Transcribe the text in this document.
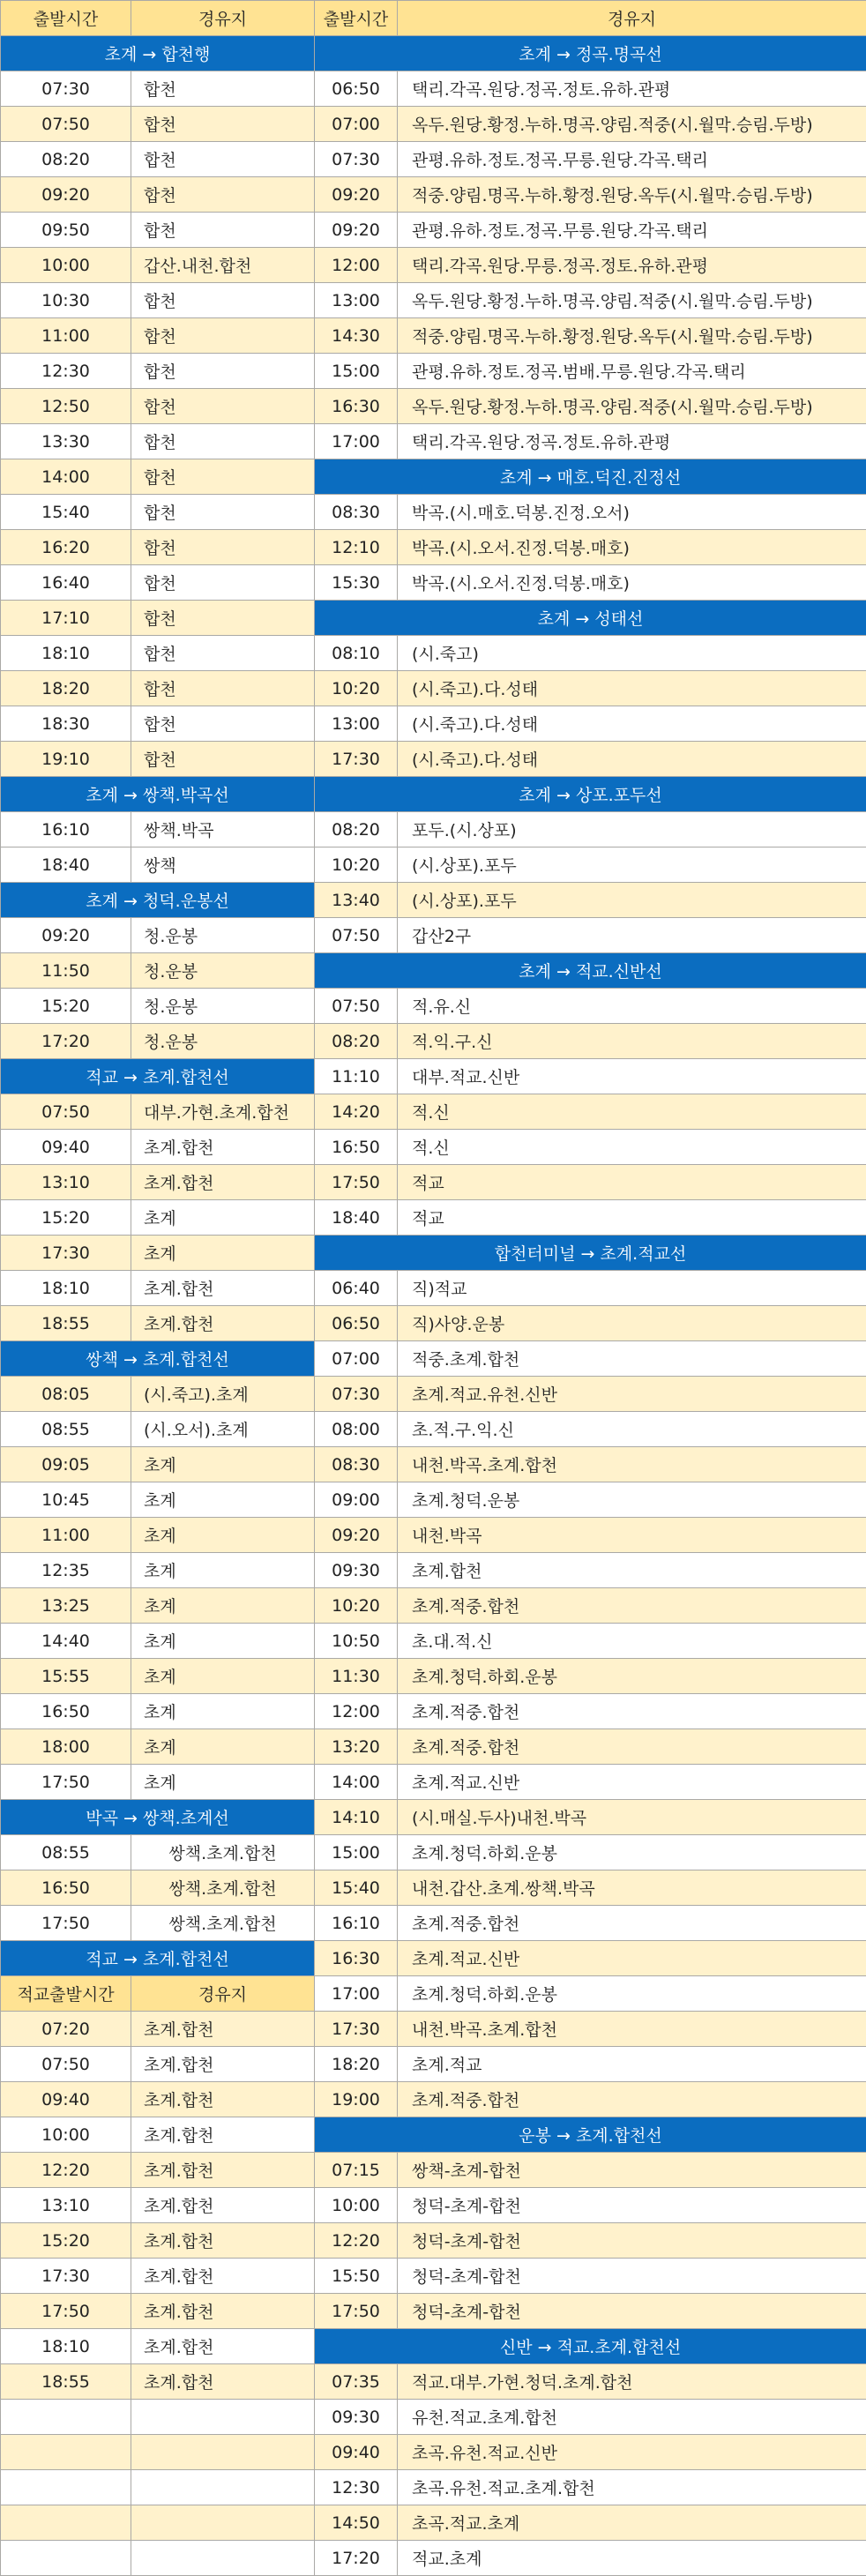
출발시간	경유지	출발시간	경유지
초계 → 합천행		초계 → 정곡.명곡선	
07:30	합천	06:50	택리.각곡.원당.정곡.정토.유하.관평
07:50	합천	07:00	옥두.원당.황정.누하.명곡.양림.적중(시.월막.승림.두방)
08:20	합천	07:30	관평.유하.정토.정곡.무릉.원당.각곡.택리
09:20	합천	09:20	적중.양림.명곡.누하.황정.원당.옥두(시.월막.승림.두방)
09:50	합천	09:20	관평.유하.정토.정곡.무릉.원당.각곡.택리
10:00	갑산.내천.합천	12:00	택리.각곡.원당.무릉.정곡.정토.유하.관평
10:30	합천	13:00	옥두.원당.황정.누하.명곡.양림.적중(시.월막.승림.두방)
11:00	합천	14:30	적중.양림.명곡.누하.황정.원당.옥두(시.월막.승림.두방)
12:30	합천	15:00	관평.유하.정토.정곡.범배.무릉.원당.각곡.택리
12:50	합천	16:30	옥두.원당.황정.누하.명곡.양림.적중(시.월막.승림.두방)
13:30	합천	17:00	택리.각곡.원당.정곡.정토.유하.관평
14:00	합천	초계 → 매호.덕진.진정선	
15:40	합천	08:30	박곡.(시.매호.덕봉.진정.오서)
16:20	합천	12:10	박곡.(시.오서.진정.덕봉.매호)
16:40	합천	15:30	박곡.(시.오서.진정.덕봉.매호)
17:10	합천	초계 → 성태선	
18:10	합천	08:10	(시.죽고)
18:20	합천	10:20	(시.죽고).다.성태
18:30	합천	13:00	(시.죽고).다.성태
19:10	합천	17:30	(시.죽고).다.성태
초계 → 쌍책.박곡선		초계 → 상포.포두선	
16:10	쌍책.박곡	08:20	포두.(시.상포)
18:40	쌍책	10:20	(시.상포).포두
초계 → 청덕.운봉선		13:40	(시.상포).포두
09:20	청.운봉	07:50	갑산2구
11:50	청.운봉	초계 → 적교.신반선	
15:20	청.운봉	07:50	적.유.신
17:20	청.운봉	08:20	적.익.구.신
적교 → 초계.합천선		11:10	대부.적교.신반
07:50	대부.가현.초계.합천	14:20	적.신
09:40	초계.합천	16:50	적.신
13:10	초계.합천	17:50	적교
15:20	초계	18:40	적교
17:30	초계	합천터미널 → 초계.적교선	
18:10	초계.합천	06:40	직)적교
18:55	초계.합천	06:50	직)사양.운봉
쌍책 → 초계.합천선		07:00	적중.초계.합천
08:05	(시.죽고).초계	07:30	초계.적교.유천.신반
08:55	(시.오서).초계	08:00	초.적.구.익.신
09:05	초계	08:30	내천.박곡.초계.합천
10:45	초계	09:00	초계.청덕.운봉
11:00	초계	09:20	내천.박곡
12:35	초계	09:30	초계.합천
13:25	초계	10:20	초계.적중.합천
14:40	초계	10:50	초.대.적.신
15:55	초계	11:30	초계.청덕.하회.운봉
16:50	초계	12:00	초계.적중.합천
18:00	초계	13:20	초계.적중.합천
17:50	초계	14:00	초계.적교.신반
박곡 → 쌍책.초계선		14:10	(시.매실.두사)내천.박곡
08:55	쌍책.초계.합천	15:00	초계.청덕.하회.운봉
16:50	쌍책.초계.합천	15:40	내천.갑산.초계.쌍책.박곡
17:50	쌍책.초계.합천	16:10	초계.적중.합천
적교 → 초계.합천선		16:30	초계.적교.신반
적교출발시간	경유지	17:00	초계.청덕.하회.운봉
07:20	초계.합천	17:30	내천.박곡.초계.합천
07:50	초계.합천	18:20	초계.적교
09:40	초계.합천	19:00	초계.적중.합천
10:00	초계.합천	운봉 → 초계.합천선	
12:20	초계.합천	07:15	쌍책-초계-합천
13:10	초계.합천	10:00	청덕-초계-합천
15:20	초계.합천	12:20	청덕-초계-합천
17:30	초계.합천	15:50	청덕-초계-합천
17:50	초계.합천	17:50	청덕-초계-합천
18:10	초계.합천	신반 → 적교.초계.합천선	
18:55	초계.합천	07:35	적교.대부.가현.청덕.초계.합천
		09:30	유천.적교.초계.합천
		09:40	초곡.유천.적교.신반
		12:30	초곡.유천.적교.초계.합천
		14:50	초곡.적교.초계
		17:20	적교.초계
